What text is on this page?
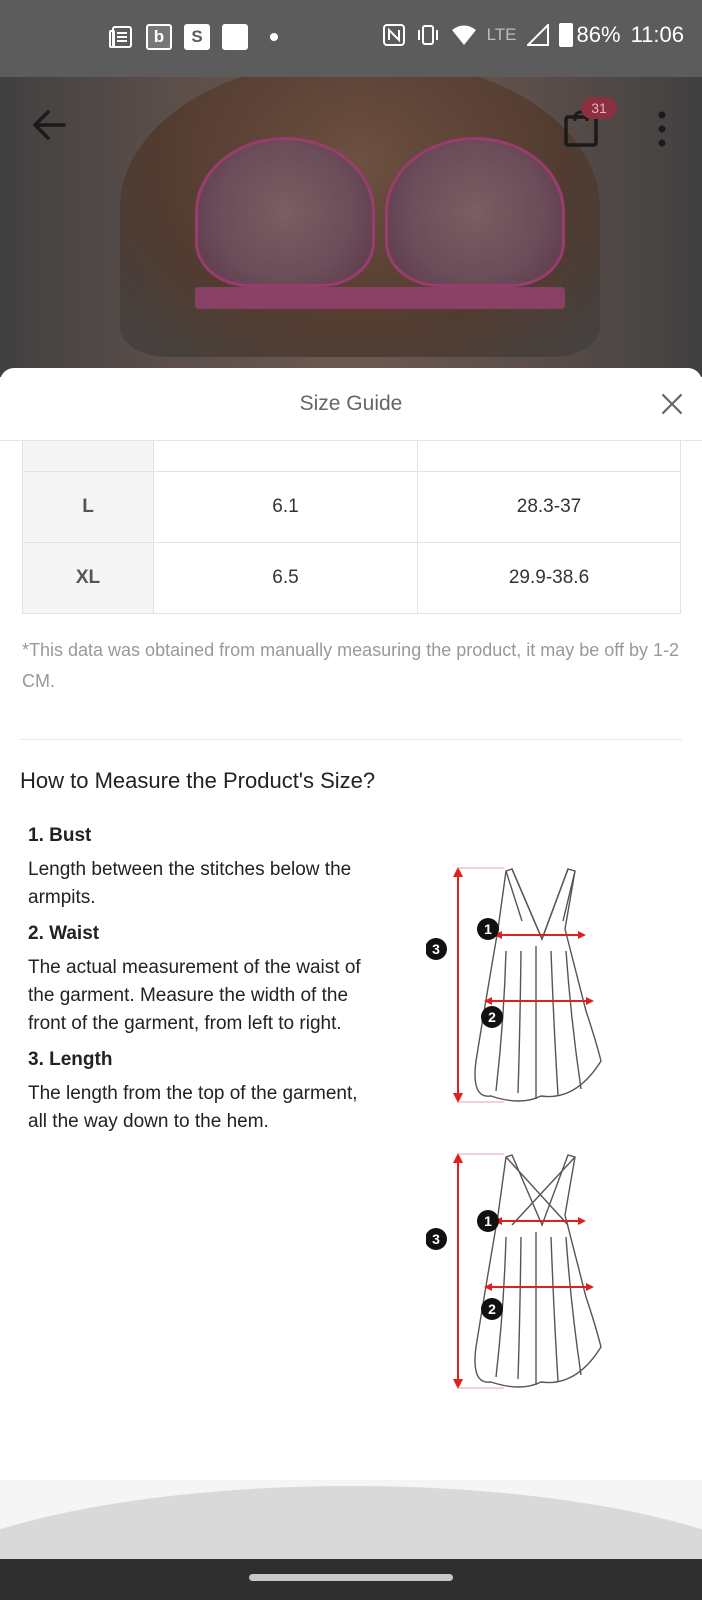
b S	LTE	86% 11:06
31
Size Guide

L	6.1	28.3-37
XL	6.5	29.9-38.6
*This data was obtained from manually measuring the product, it may be off by 1-2 CM.
How to Measure the Product's Size?
1. Bust
Length between the stitches below the armpits.
2. Waist
The actual measurement of the waist of the garment. Measure the width of the front of the garment, from left to right.
3. Length
The length from the top of the garment, all the way down to the hem.
1
2
3
1
2
3
